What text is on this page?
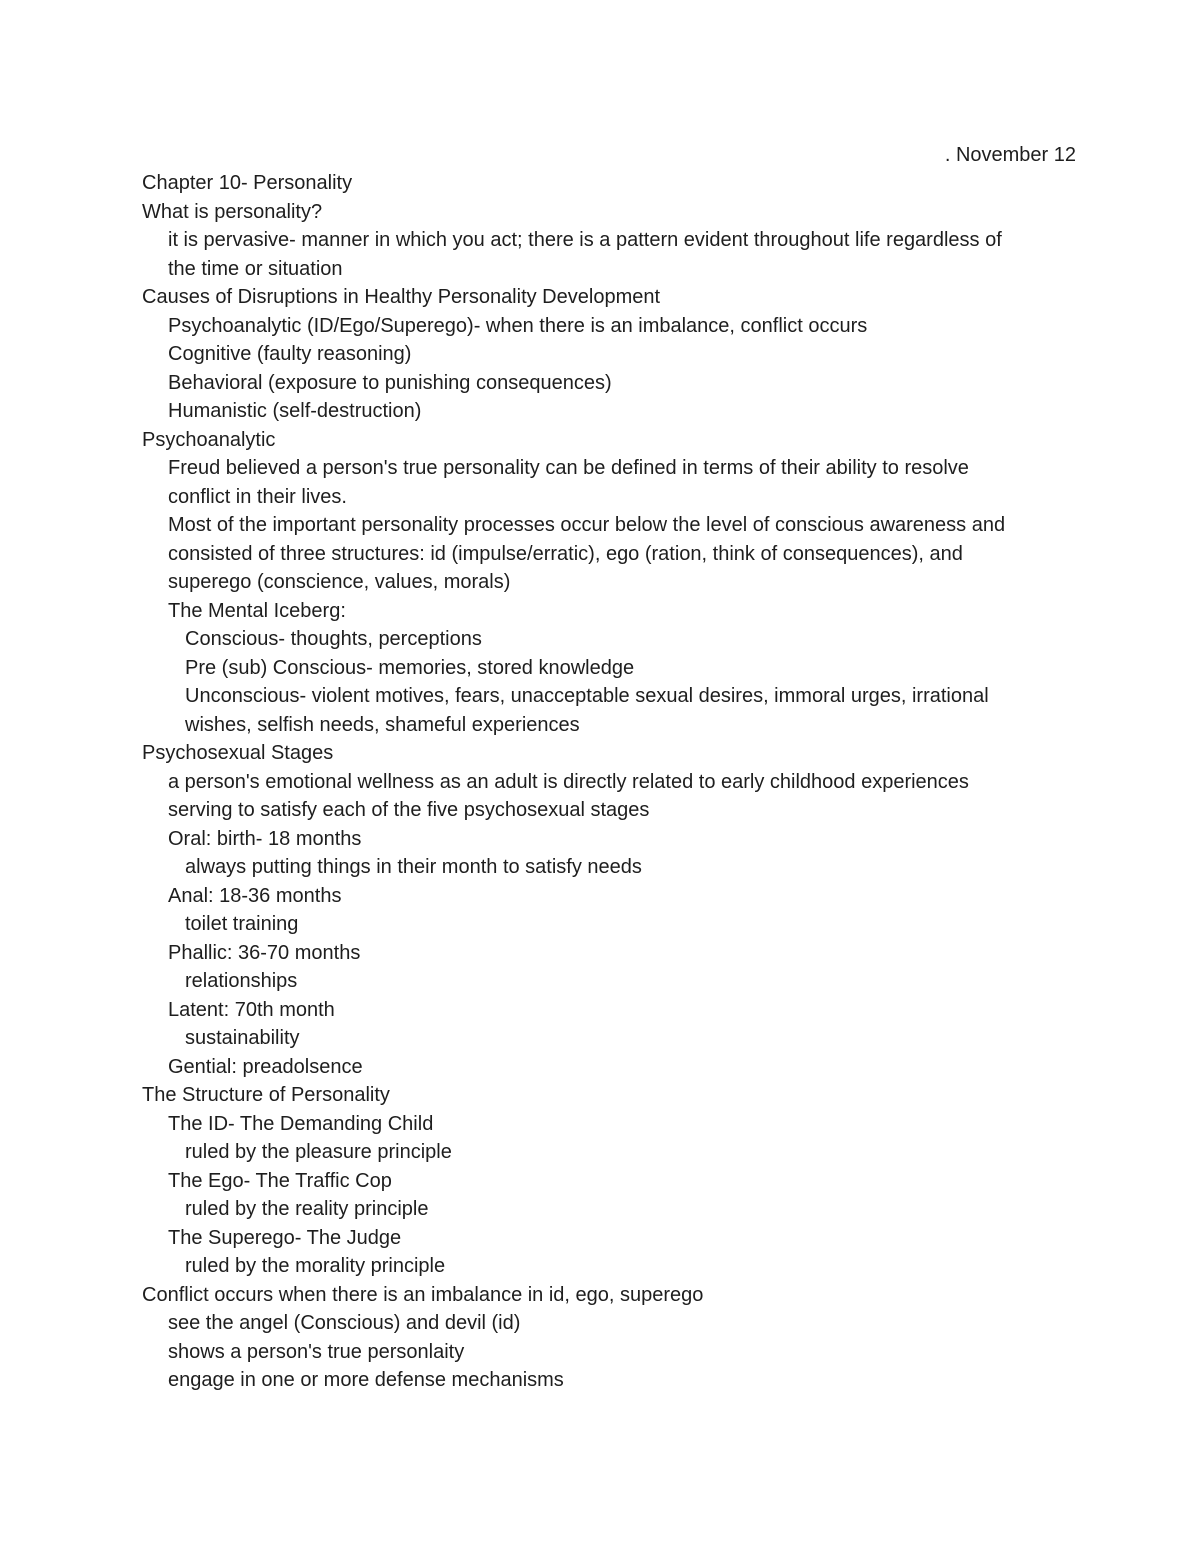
. November 12
Chapter 10- Personality
What is personality?
it is pervasive- manner in which you act; there is a pattern evident throughout life regardless of
the time or situation
Causes of Disruptions in Healthy Personality Development
Psychoanalytic (ID/Ego/Superego)- when there is an imbalance, conflict occurs
Cognitive (faulty reasoning)
Behavioral (exposure to punishing consequences)
Humanistic (self-destruction)
Psychoanalytic
Freud believed a person's true personality can be defined in terms of their ability to resolve
conflict in their lives.
Most of the important personality processes occur below the level of conscious awareness and
consisted of three structures: id (impulse/erratic), ego (ration, think of consequences), and
superego (conscience, values, morals)
The Mental Iceberg:
Conscious- thoughts, perceptions
Pre (sub) Conscious- memories, stored knowledge
Unconscious- violent motives, fears, unacceptable sexual desires, immoral urges, irrational
wishes, selfish needs, shameful experiences
Psychosexual Stages
a person's emotional wellness as an adult is directly related to early childhood experiences
serving to satisfy each of the five psychosexual stages
Oral: birth- 18 months
always putting things in their month to satisfy needs
Anal: 18-36 months
toilet training
Phallic: 36-70 months
relationships
Latent: 70th month
sustainability
Gential: preadolsence
The Structure of Personality
The ID- The Demanding Child
ruled by the pleasure principle
The Ego- The Traffic Cop
ruled by the reality principle
The Superego- The Judge
ruled by the morality principle
Conflict occurs when there is an imbalance in id, ego, superego
see the angel (Conscious) and devil (id)
shows a person's true personlaity
engage in one or more defense mechanisms
